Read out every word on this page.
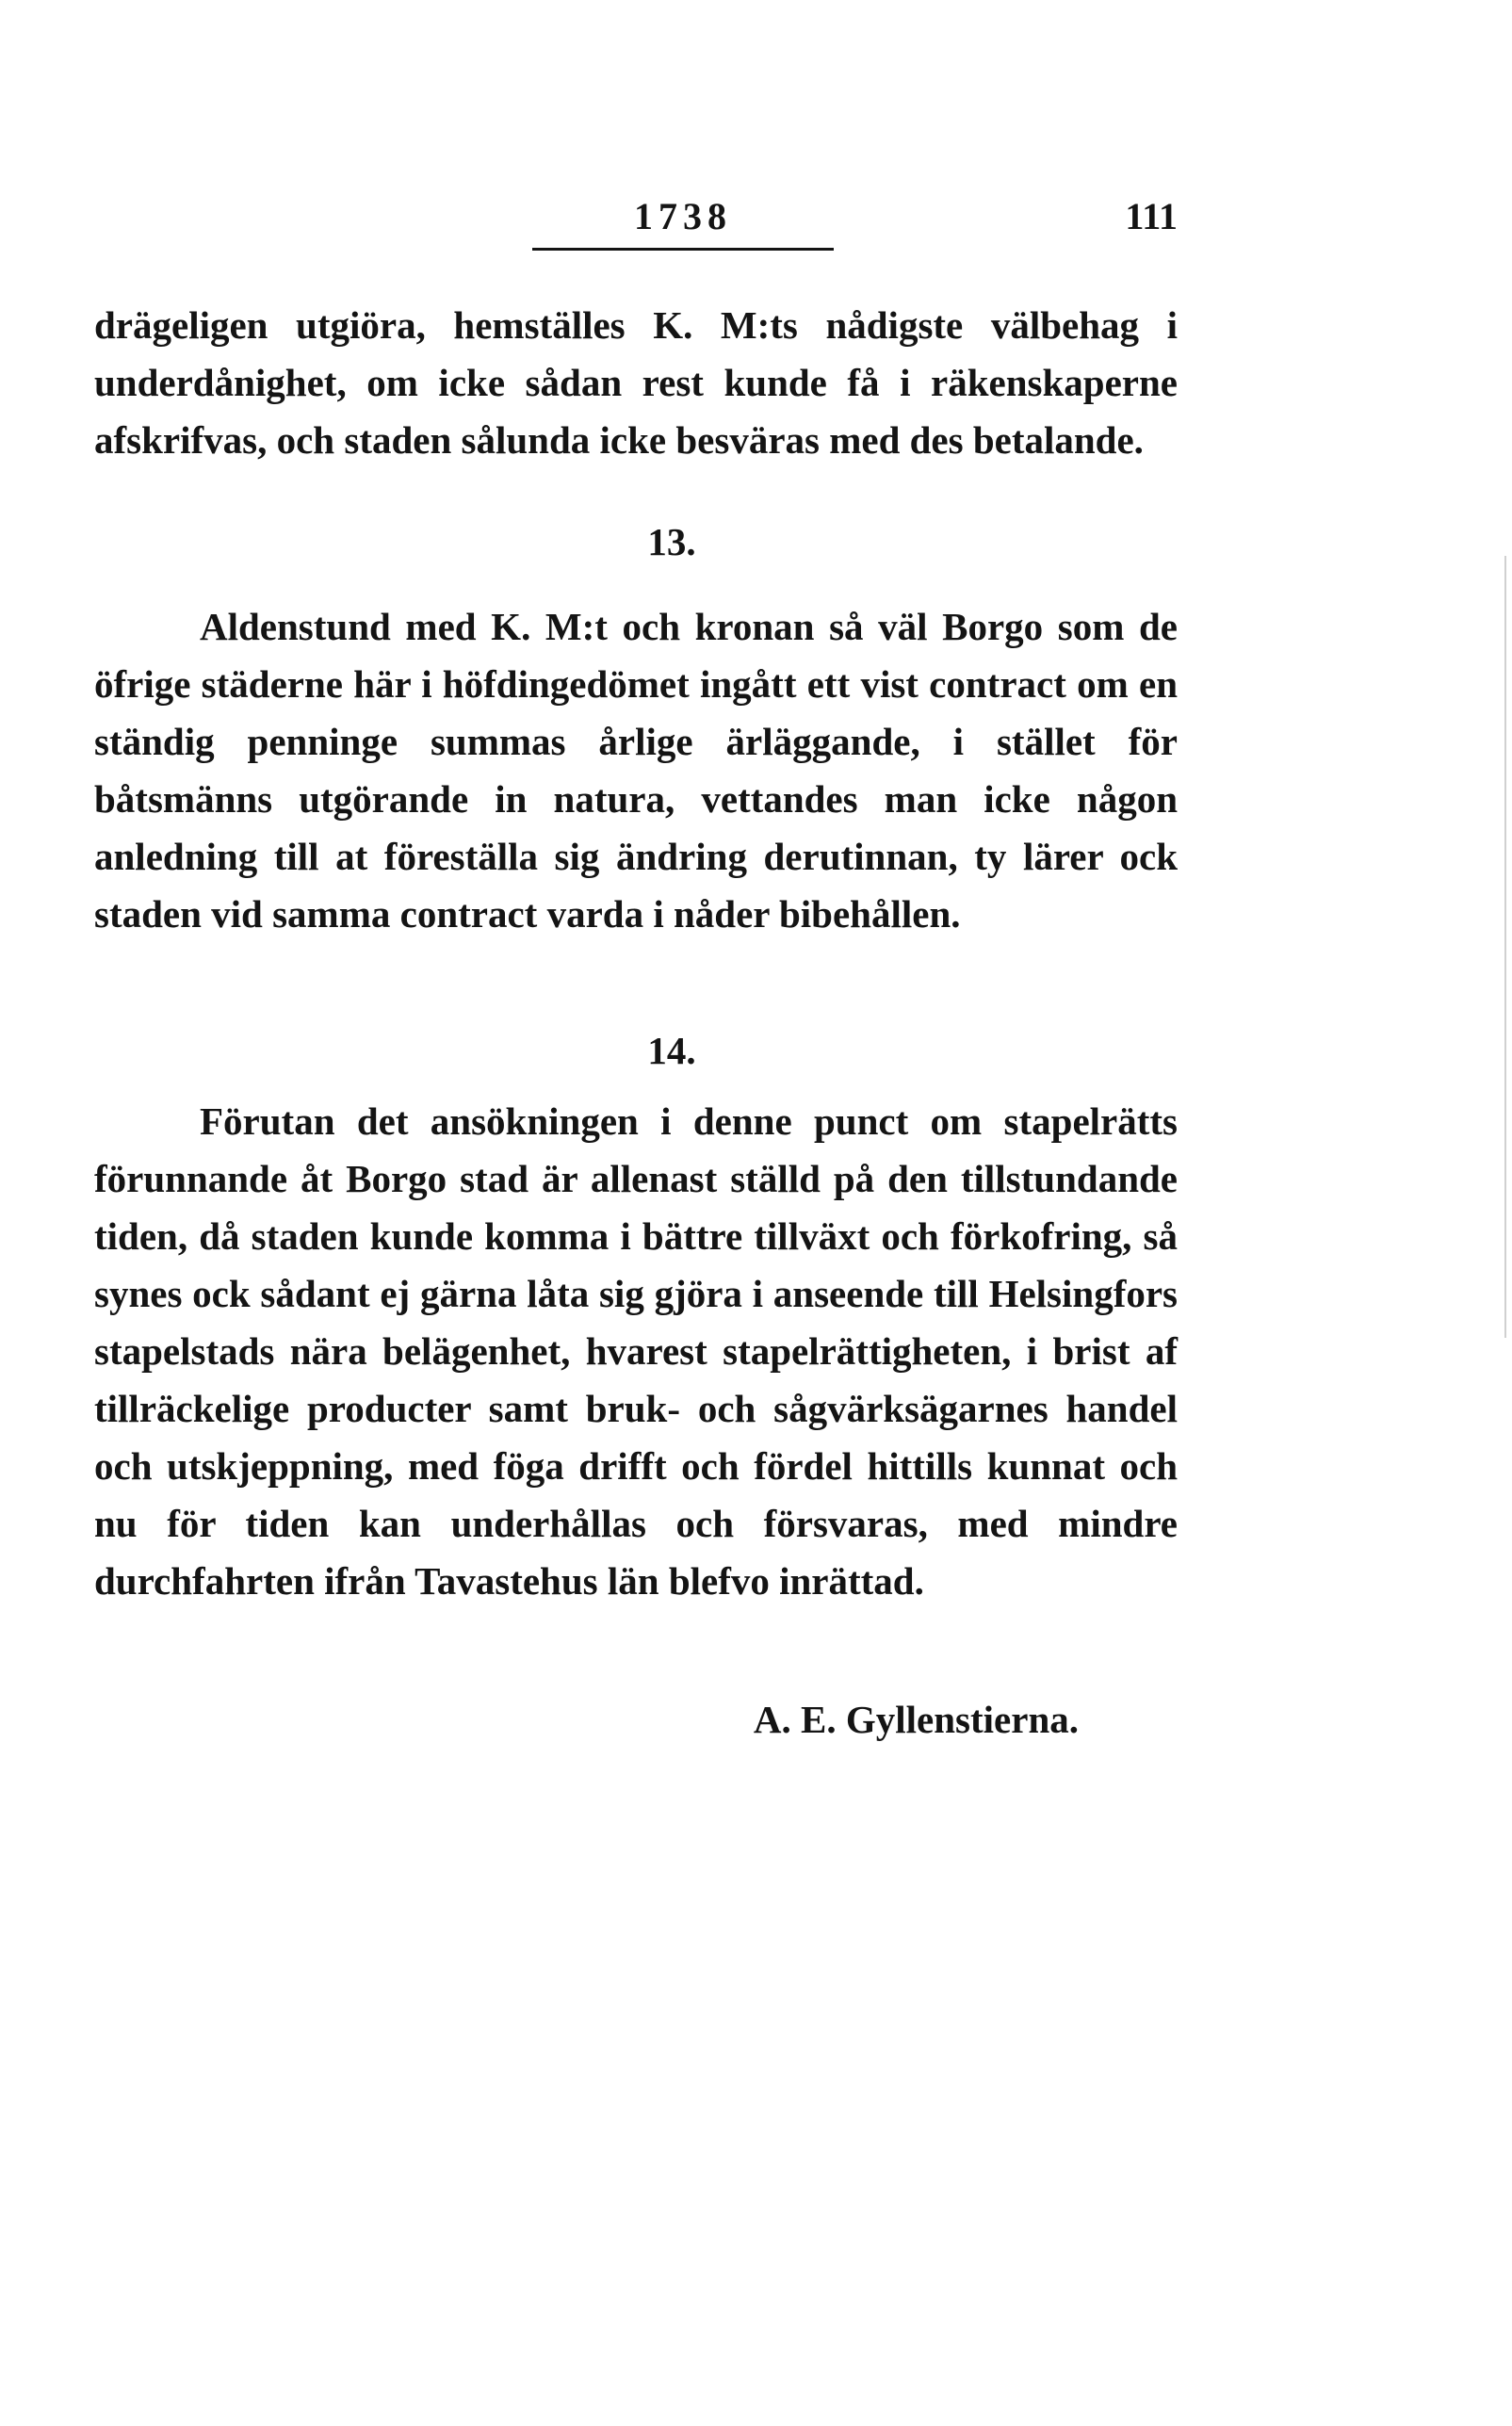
1738	111
drägeligen utgiöra, hemställes K. M:ts nådigste välbehag i underdånighet, om icke sådan rest kunde få i räkenskaperne afskrifvas, och staden sålunda icke besväras med des betalande.
13.
Aldenstund med K. M:t och kronan så väl Borgo som de öfrige städerne här i höfdingedömet ingått ett vist contract om en ständig penninge summas årlige ärläggande, i stället för båtsmänns utgörande in natura, vettandes man icke någon anledning till at föreställa sig ändring derutinnan, ty lärer ock staden vid samma contract varda i nåder bibehållen.
14.
Förutan det ansökningen i denne punct om stapelrätts förunnande åt Borgo stad är allenast ställd på den tillstundande tiden, då staden kunde komma i bättre tillväxt och förkofring, så synes ock sådant ej gärna låta sig gjöra i anseende till Helsingfors stapelstads nära belägenhet, hvarest stapelrättigheten, i brist af tillräckelige producter samt bruk- och sågvärksägarnes handel och utskjeppning, med föga drifft och fördel hittills kunnat och nu för tiden kan underhållas och försvaras, med mindre durchfahrten ifrån Tavastehus län blefvo inrättad.
A. E. Gyllenstierna.
